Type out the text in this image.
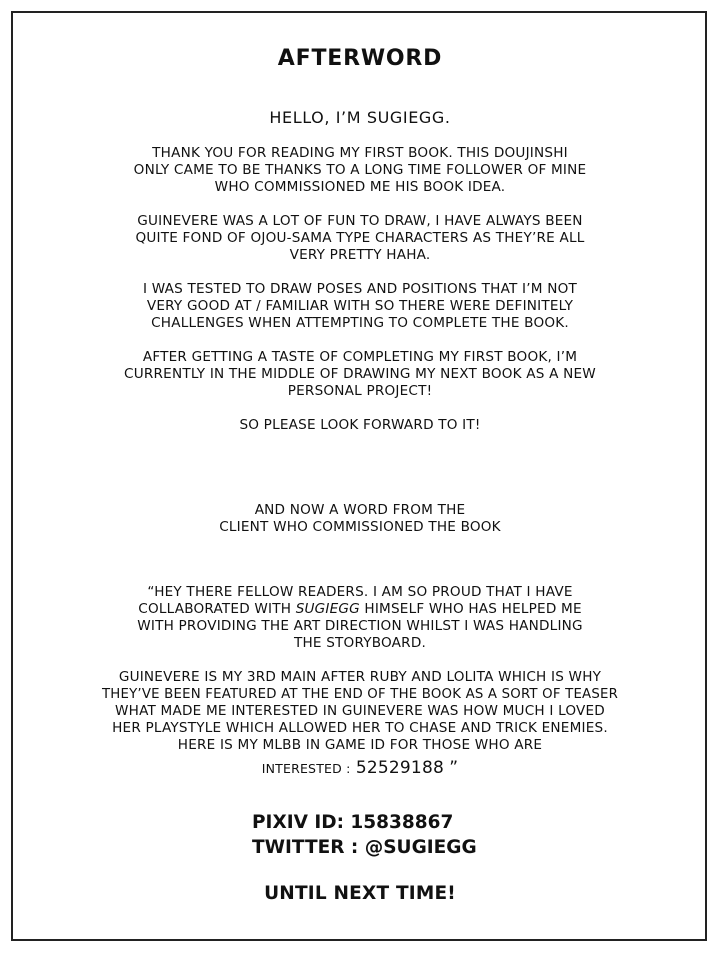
AFTERWORD
HELLO, I’M SUGIEGG.
THANK YOU FOR READING MY FIRST BOOK. THIS DOUJINSHI
ONLY CAME TO BE THANKS TO A LONG TIME FOLLOWER OF MINE
WHO COMMISSIONED ME HIS BOOK IDEA.
GUINEVERE WAS A LOT OF FUN TO DRAW, I HAVE ALWAYS BEEN
QUITE FOND OF OJOU-SAMA TYPE CHARACTERS AS THEY’RE ALL
VERY PRETTY HAHA.
I WAS TESTED TO DRAW POSES AND POSITIONS THAT I’M NOT
VERY GOOD AT / FAMILIAR WITH SO THERE WERE DEFINITELY
CHALLENGES WHEN ATTEMPTING TO COMPLETE THE BOOK.
AFTER GETTING A TASTE OF COMPLETING MY FIRST BOOK, I’M
CURRENTLY IN THE MIDDLE OF DRAWING MY NEXT BOOK AS A NEW
PERSONAL PROJECT!
SO PLEASE LOOK FORWARD TO IT!
AND NOW A WORD FROM THE
CLIENT WHO COMMISSIONED THE BOOK
“HEY THERE FELLOW READERS. I AM SO PROUD THAT I HAVE
COLLABORATED WITH SUGIEGG HIMSELF WHO HAS HELPED ME
WITH PROVIDING THE ART DIRECTION WHILST I WAS HANDLING
THE STORYBOARD.
GUINEVERE IS MY 3RD MAIN AFTER RUBY AND LOLITA WHICH IS WHY
THEY’VE BEEN FEATURED AT THE END OF THE BOOK AS A SORT OF TEASER
WHAT MADE ME INTERESTED IN GUINEVERE WAS HOW MUCH I LOVED
HER PLAYSTYLE WHICH ALLOWED HER TO CHASE AND TRICK ENEMIES.
HERE IS MY MLBB IN GAME ID FOR THOSE WHO ARE
INTERESTED : 52529188 ”
PIXIV ID: 15838867
TWITTER : @SUGIEGG
UNTIL NEXT TIME!
